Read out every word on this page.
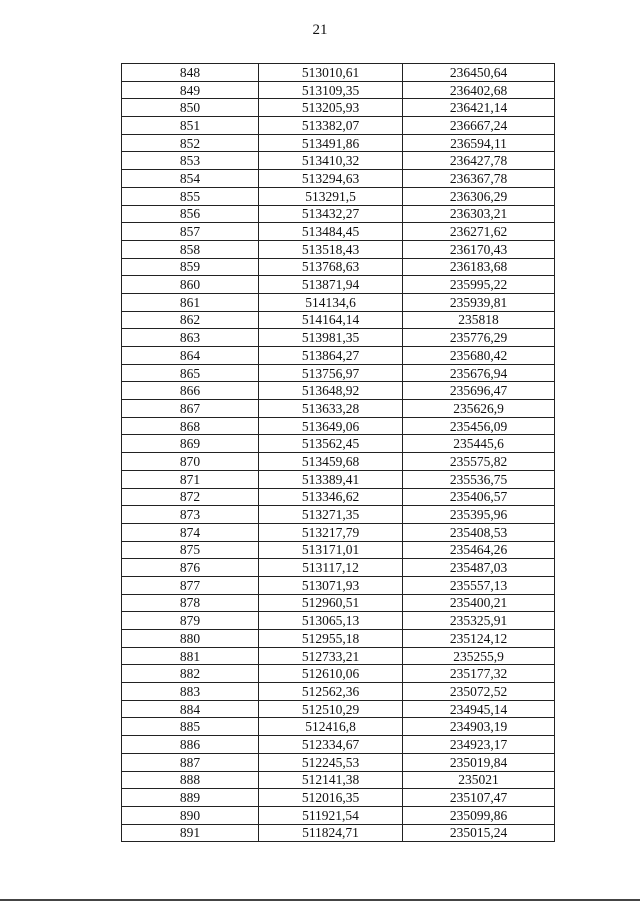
21
848	513010,61	236450,64
849	513109,35	236402,68
850	513205,93	236421,14
851	513382,07	236667,24
852	513491,86	236594,11
853	513410,32	236427,78
854	513294,63	236367,78
855	513291,5	236306,29
856	513432,27	236303,21
857	513484,45	236271,62
858	513518,43	236170,43
859	513768,63	236183,68
860	513871,94	235995,22
861	514134,6	235939,81
862	514164,14	235818
863	513981,35	235776,29
864	513864,27	235680,42
865	513756,97	235676,94
866	513648,92	235696,47
867	513633,28	235626,9
868	513649,06	235456,09
869	513562,45	235445,6
870	513459,68	235575,82
871	513389,41	235536,75
872	513346,62	235406,57
873	513271,35	235395,96
874	513217,79	235408,53
875	513171,01	235464,26
876	513117,12	235487,03
877	513071,93	235557,13
878	512960,51	235400,21
879	513065,13	235325,91
880	512955,18	235124,12
881	512733,21	235255,9
882	512610,06	235177,32
883	512562,36	235072,52
884	512510,29	234945,14
885	512416,8	234903,19
886	512334,67	234923,17
887	512245,53	235019,84
888	512141,38	235021
889	512016,35	235107,47
890	511921,54	235099,86
891	511824,71	235015,24
